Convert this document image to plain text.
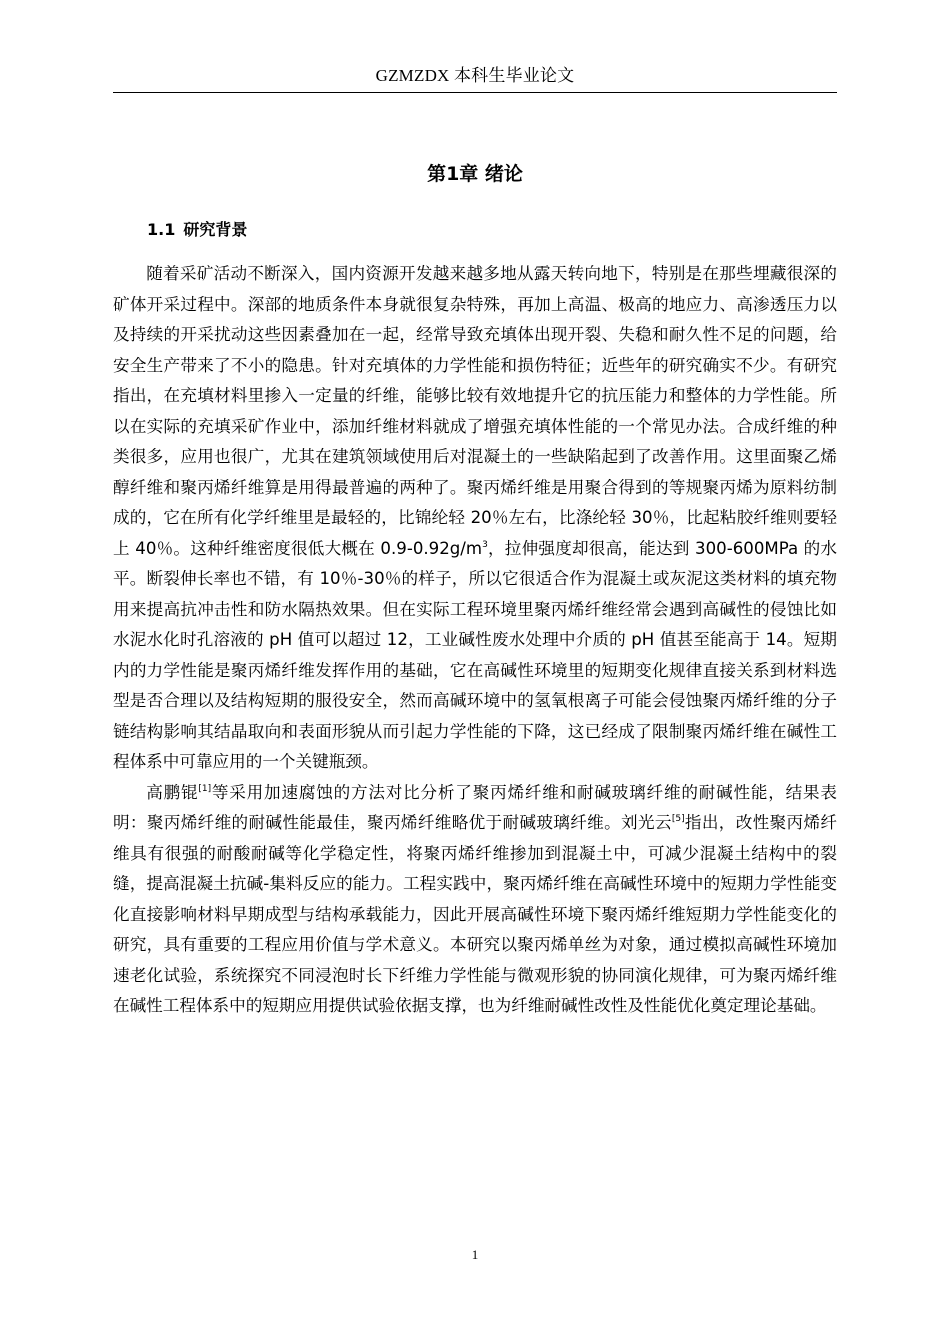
GZMZDX 本科生毕业论文
第1章 绪论
1.1 研究背景

随着采矿活动不断深入，国内资源开发越来越多地从露天转向地下，特别是在那些埋藏很深的矿体开采过程中。深部的地质条件本身就很复杂特殊，再加上高温、极高的地应力、高渗透压力以及持续的开采扰动这些因素叠加在一起，经常导致充填体出现开裂、失稳和耐久性不足的问题，给安全生产带来了不小的隐患。针对充填体的力学性能和损伤特征；近些年的研究确实不少。有研究指出，在充填材料里掺入一定量的纤维，能够比较有效地提升它的抗压能力和整体的力学性能。所以在实际的充填采矿作业中，添加纤维材料就成了增强充填体性能的一个常见办法。合成纤维的种类很多，应用也很广，尤其在建筑领域使用后对混凝土的一些缺陷起到了改善作用。这里面聚乙烯醇纤维和聚丙烯纤维算是用得最普遍的两种了。聚丙烯纤维是用聚合得到的等规聚丙烯为原料纺制成的，它在所有化学纤维里是最轻的，比锦纶轻 20％左右，比涤纶轻 30％，比起粘胶纤维则要轻上 40％。这种纤维密度很低大概在 $0.9-0.92g/m^3$，拉伸强度却很高，能达到 300-600MPa 的水平。断裂伸长率也不错，有 10％-30％的样子，所以它很适合作为混凝土或灰泥这类材料的填充物用来提高抗冲击性和防水隔热效果。但在实际工程环境里聚丙烯纤维经常会遇到高碱性的侵蚀比如水泥水化时孔溶液的 pH 值可以超过 12，工业碱性废水处理中介质的 pH 值甚至能高于 14。短期内的力学性能是聚丙烯纤维发挥作用的基础，它在高碱性环境里的短期变化规律直接关系到材料选型是否合理以及结构短期的服役安全，然而高碱环境中的氢氧根离子可能会侵蚀聚丙烯纤维的分子链结构影响其结晶取向和表面形貌从而引起力学性能的下降，这已经成了限制聚丙烯纤维在碱性工程体系中可靠应用的一个关键瓶颈。

高鹏锟[1]等采用加速腐蚀的方法对比分析了聚丙烯纤维和耐碱玻璃纤维的耐碱性能，结果表明：聚丙烯纤维的耐碱性能最佳，聚丙烯纤维略优于耐碱玻璃纤维。刘光云[5]指出，改性聚丙烯纤维具有很强的耐酸耐碱等化学稳定性，将聚丙烯纤维掺加到混凝土中，可减少混凝土结构中的裂缝，提高混凝土抗碱-集料反应的能力。工程实践中，聚丙烯纤维在高碱性环境中的短期力学性能变化直接影响材料早期成型与结构承载能力，因此开展高碱性环境下聚丙烯纤维短期力学性能变化的研究，具有重要的工程应用价值与学术意义。本研究以聚丙烯单丝为对象，通过模拟高碱性环境加速老化试验，系统探究不同浸泡时长下纤维力学性能与微观形貌的协同演化规律，可为聚丙烯纤维在碱性工程体系中的短期应用提供试验依据支撑，也为纤维耐碱性改性及性能优化奠定理论基础。

1
